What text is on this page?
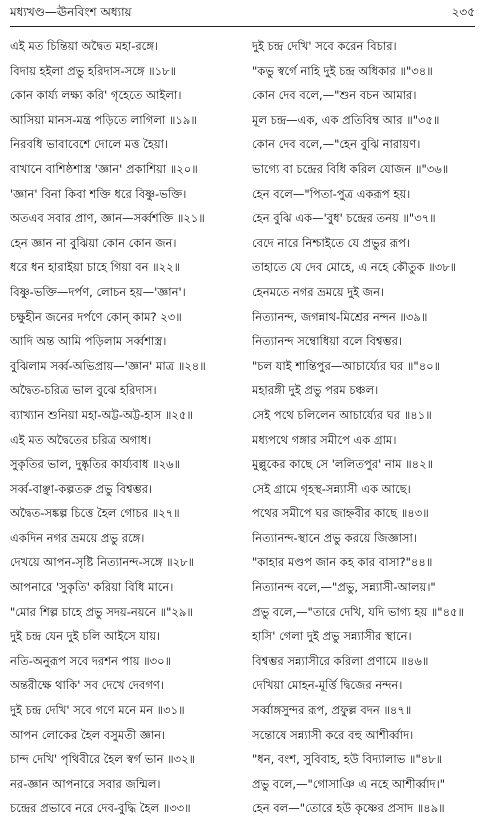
মধ্যখণ্ড—ঊনবিংশ অধ্যায়	২৩৫
এই মত চিন্তিয়া অদ্বৈত মহা-রঙ্গে।
বিদায় হইলা প্রভু হরিদাস-সঙ্গে ॥১৮॥
কোন কার্য্য লক্ষ্য করি' গৃহেতে আইলা।
আসিয়া মানস-মন্ত্র পড়িতে লাগিলা ॥১৯॥
নিরবধি ভাবাবেশে দোলে মত্ত হৈয়া।
বাখানে বাশিষ্ঠশাস্ত্র 'জ্ঞান' প্রকাশিয়া ॥২০॥
'জ্ঞান' বিনা কিবা শক্তি ধরে বিষ্ণু-ভক্তি।
অতএব সবার প্রাণ, জ্ঞান—সর্ব্বশক্তি ॥২১॥
হেন জ্ঞান না বুঝিয়া কোন কোন জন।
ধরে ধন হারাইয়া চাহে গিয়া বন ॥২২॥
বিষ্ণু-ভক্তি—দর্পণ, লোচন হয়—'জ্ঞান'।
চক্ষুহীন জনের দর্পণে কোন্ কাম? ২৩॥
আদি অন্ত আমি পড়িলাম সর্ব্বশাস্ত্র।
বুঝিলাম সর্ব্ব-অভিপ্রায়—'জ্ঞান' মাত্র ॥২৪॥
অদ্বৈত-চরিত্র ভাল বুঝে হরিদাস।
ব্যাখ্যান শুনিয়া মহা-অট্ট-অট্ট-হাস ॥২৫॥
এই মত অদ্বৈতের চরিত্র অগাধ।
সুকৃতির ভাল, দুষ্কৃতির কার্য্যবাধ ॥২৬॥
সর্ব্ব-বাঞ্ছা-কল্পতরু প্রভু বিশ্বম্ভর।
অদ্বৈত-সঙ্কল্প চিত্তে হৈল গোচর ॥২৭॥
একদিন নগর ভ্রময়ে প্রভু রঙ্গে।
দেখয়ে আপন-সৃষ্টি নিত্যানন্দ-সঙ্গে ॥২৮॥
আপনারে 'সুকৃতি' করিয়া বিধি মানে।
"মোর শিল্প চাহে প্রভু সদয়-নয়নে ॥"২৯॥
দুই চন্দ্র যেন দুই চলি আইসে যায়।
নতি-অনুরূপ সবে দরশন পায় ॥৩০॥
অন্তরীক্ষে থাকি' সব দেখে দেবগণ।
দুই চন্দ্র দেখি' সবে গণে মনে মন ॥৩১॥
আপন লোকের হৈল বসুমতী জ্ঞান।
চান্দ দেখি' পৃথিবীরে হৈল স্বর্গ ভান ॥৩২॥
নর-জ্ঞান আপনারে সবার জন্মিল।
চন্দ্রের প্রভাবে নরে দেব-বুদ্ধি হৈল ॥৩৩॥
দুই চন্দ্র দেখি' সবে করেন বিচার।
"কভু স্বর্গে নাহি দুই চন্দ্র অধিকার ॥"৩৪॥
কোন দেব বলে,—"শুন বচন আমার।
মূল চন্দ্র—এক, এক প্রতিবিম্ব আর ॥"৩৫॥
কোন দেব বলে,—"হেন বুঝি নারায়ণ।
ভাগ্যে বা চন্দ্রের বিধি করিল যোজন ॥"৩৬॥
হেন বলে—"পিতা-পুত্র একরূপ হয়।
হেন বুঝি এক—'বুধ' চন্দ্রের তনয় ॥"৩৭॥
বেদে নারে নিশ্চাইতে যে প্রভুর রূপ।
তাহাতে যে দেব মোহে, এ নহে কৌতুক ॥৩৮॥
হেনমতে নগর ভ্রময়ে দুই জন।
নিত্যানন্দ, জগন্নাথ-মিশ্রের নন্দন ॥৩৯॥
নিত্যানন্দ সম্বোধিয়া বলে বিশ্বম্ভর।
"চল যাই শান্তিপুর—আচার্য্যের ঘর ॥"৪০॥
মহারঙ্গী দুই প্রভু পরম চঞ্চল।
সেই পথে চলিলেন আচার্য্যের ঘর ॥৪১॥
মধ্যপথে গঙ্গার সমীপে এক গ্রাম।
মুল্লুকের কাছে সে 'ললিতপুর' নাম ॥৪২॥
সেই গ্রামে গৃহস্থ-সন্ন্যাসী এক আছে।
পথের সমীপে ঘর জাহ্নবীর কাছে ॥৪৩॥
নিত্যানন্দ-স্থানে প্রভু করয়ে জিজ্ঞাসা।
"কাহার মণ্ডপ জান কহ কার বাসা?"৪৪॥
নিত্যানন্দ বলে,—"প্রভু, সন্ন্যাসী-আলয়।"
প্রভু বলে,—"তারে দেখি, যদি ভাগ্য হয় ॥"৪৫॥
হাসি' গেলা দুই প্রভু সন্ন্যাসীর স্থানে।
বিশ্বম্ভর সন্ন্যাসীরে করিলা প্রণামে ॥৪৬॥
দেখিয়া মোহন-মূর্ত্তি দ্বিজের নন্দন।
সর্ব্বাঙ্গসুন্দর রূপ, প্রফুল্ল বদন ॥৪৭॥
সন্তোষে সন্ন্যাসী করে বহু আশীর্ব্বাদ।
"ধন, বংশ, সুবিবাহ, হউ বিদ্যালাভ ॥"৪৮॥
প্রভু বলে,—"গোসাঞি এ নহে আশীর্ব্বাদ।"
হেন বল—"তোরে হউ কৃষ্ণের প্রসাদ ॥৪৯॥
